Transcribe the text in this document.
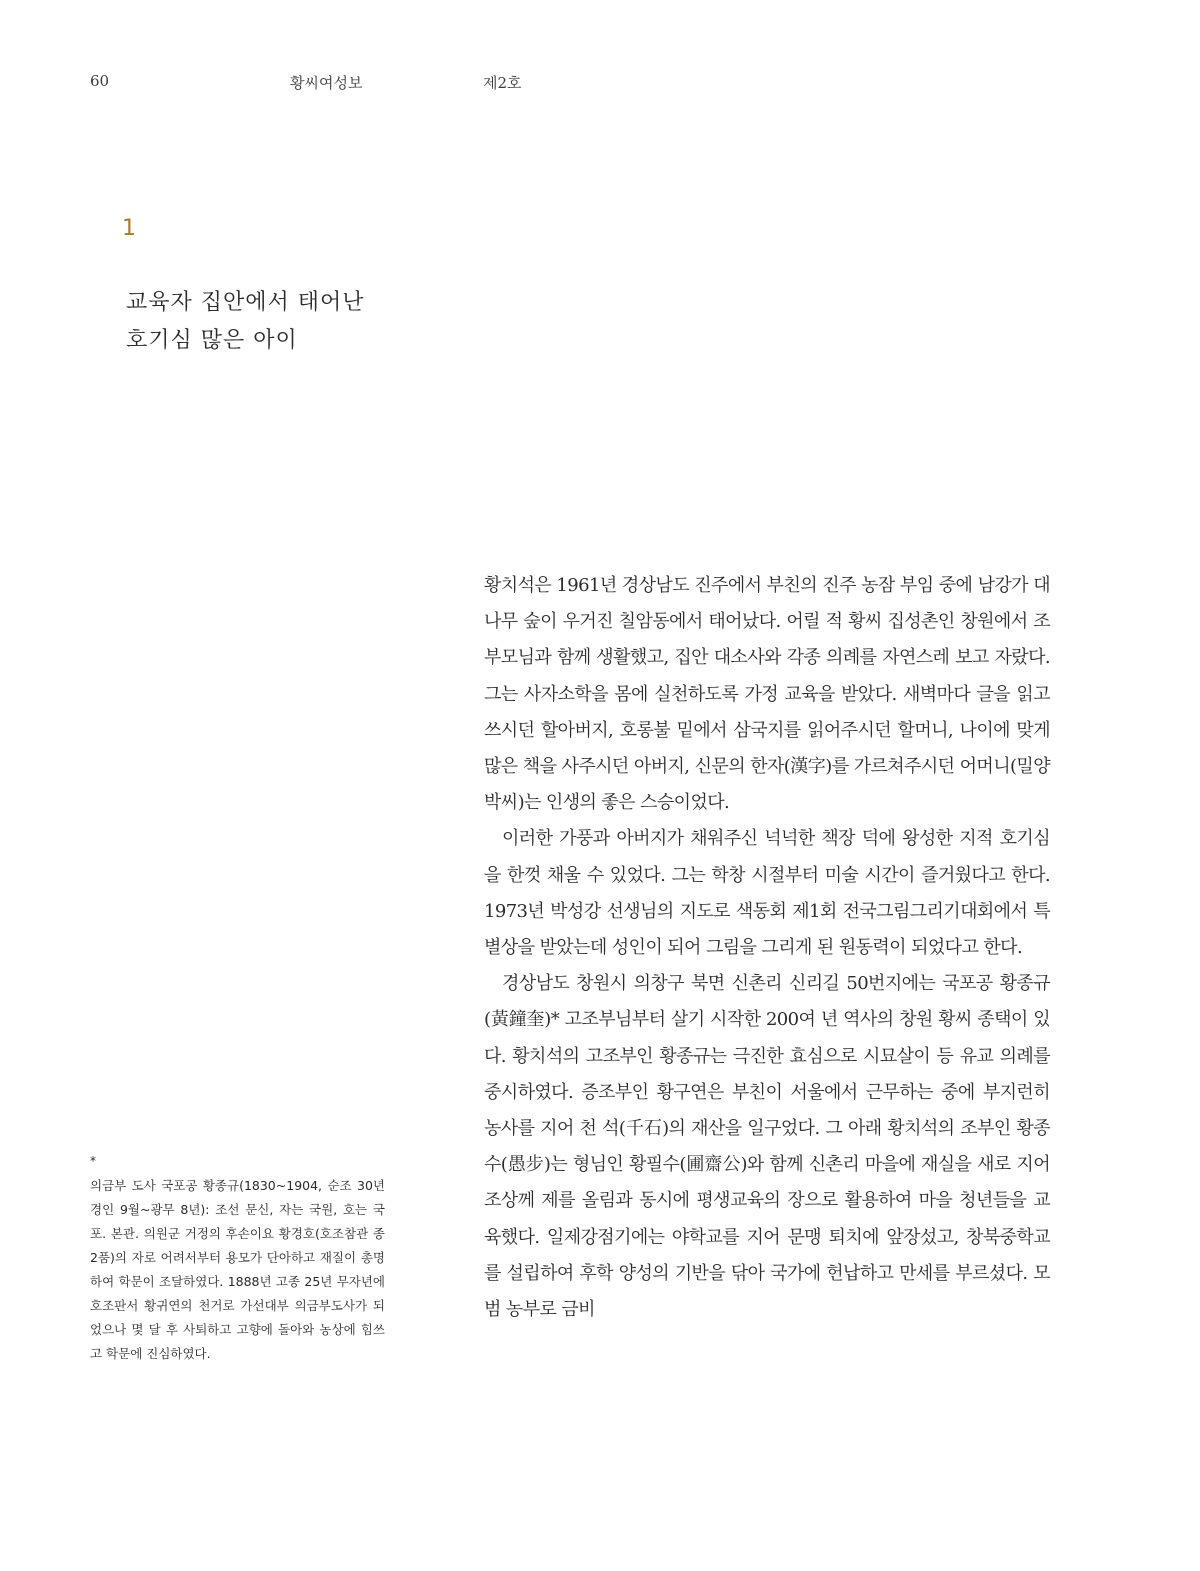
60	황씨여성보	제2호
1
교육자 집안에서 태어난
호기심 많은 아이
*
의금부 도사 국포공 황종규(1830~1904, 순조 30년 경인 9월~광무 8년): 조선 문신, 자는 국원, 호는 국포. 본관. 의원군 거정의 후손이요 황경호(호조참관 종2품)의 자로 어려서부터 용모가 단아하고 재질이 총명하여 학문이 조달하였다. 1888년 고종 25년 무자년에 호조판서 황귀연의 천거로 가선대부 의금부도사가 되었으나 몇 달 후 사퇴하고 고향에 돌아와 농상에 힘쓰고 학문에 진심하였다.

황치석은 1961년 경상남도 진주에서 부친의 진주 농잠 부임 중에 남강가 대나무 숲이 우거진 칠암동에서 태어났다. 어릴 적 황씨 집성촌인 창원에서 조부모님과 함께 생활했고, 집안 대소사와 각종 의례를 자연스레 보고 자랐다. 그는 사자소학을 몸에 실천하도록 가정 교육을 받았다. 새벽마다 글을 읽고 쓰시던 할아버지, 호롱불 밑에서 삼국지를 읽어주시던 할머니, 나이에 맞게 많은 책을 사주시던 아버지, 신문의 한자(漢字)를 가르쳐주시던 어머니(밀양 박씨)는 인생의 좋은 스승이었다.

이러한 가풍과 아버지가 채워주신 넉넉한 책장 덕에 왕성한 지적 호기심을 한껏 채울 수 있었다. 그는 학창 시절부터 미술 시간이 즐거웠다고 한다. 1973년 박성강 선생님의 지도로 색동회 제1회 전국그림그리기대회에서 특별상을 받았는데 성인이 되어 그림을 그리게 된 원동력이 되었다고 한다.

경상남도 창원시 의창구 북면 신촌리 신리길 50번지에는 국포공 황종규(黃鐘奎)* 고조부님부터 살기 시작한 200여 년 역사의 창원 황씨 종택이 있다. 황치석의 고조부인 황종규는 극진한 효심으로 시묘살이 등 유교 의례를 중시하였다. 증조부인 황구연은 부친이 서울에서 근무하는 중에 부지런히 농사를 지어 천 석(千石)의 재산을 일구었다. 그 아래 황치석의 조부인 황종수(愚步)는 형님인 황필수(圃齋公)와 함께 신촌리 마을에 재실을 새로 지어 조상께 제를 올림과 동시에 평생교육의 장으로 활용하여 마을 청년들을 교육했다. 일제강점기에는 야학교를 지어 문맹 퇴치에 앞장섰고, 창북중학교를 설립하여 후학 양성의 기반을 닦아 국가에 헌납하고 만세를 부르셨다. 모범 농부로 금비
